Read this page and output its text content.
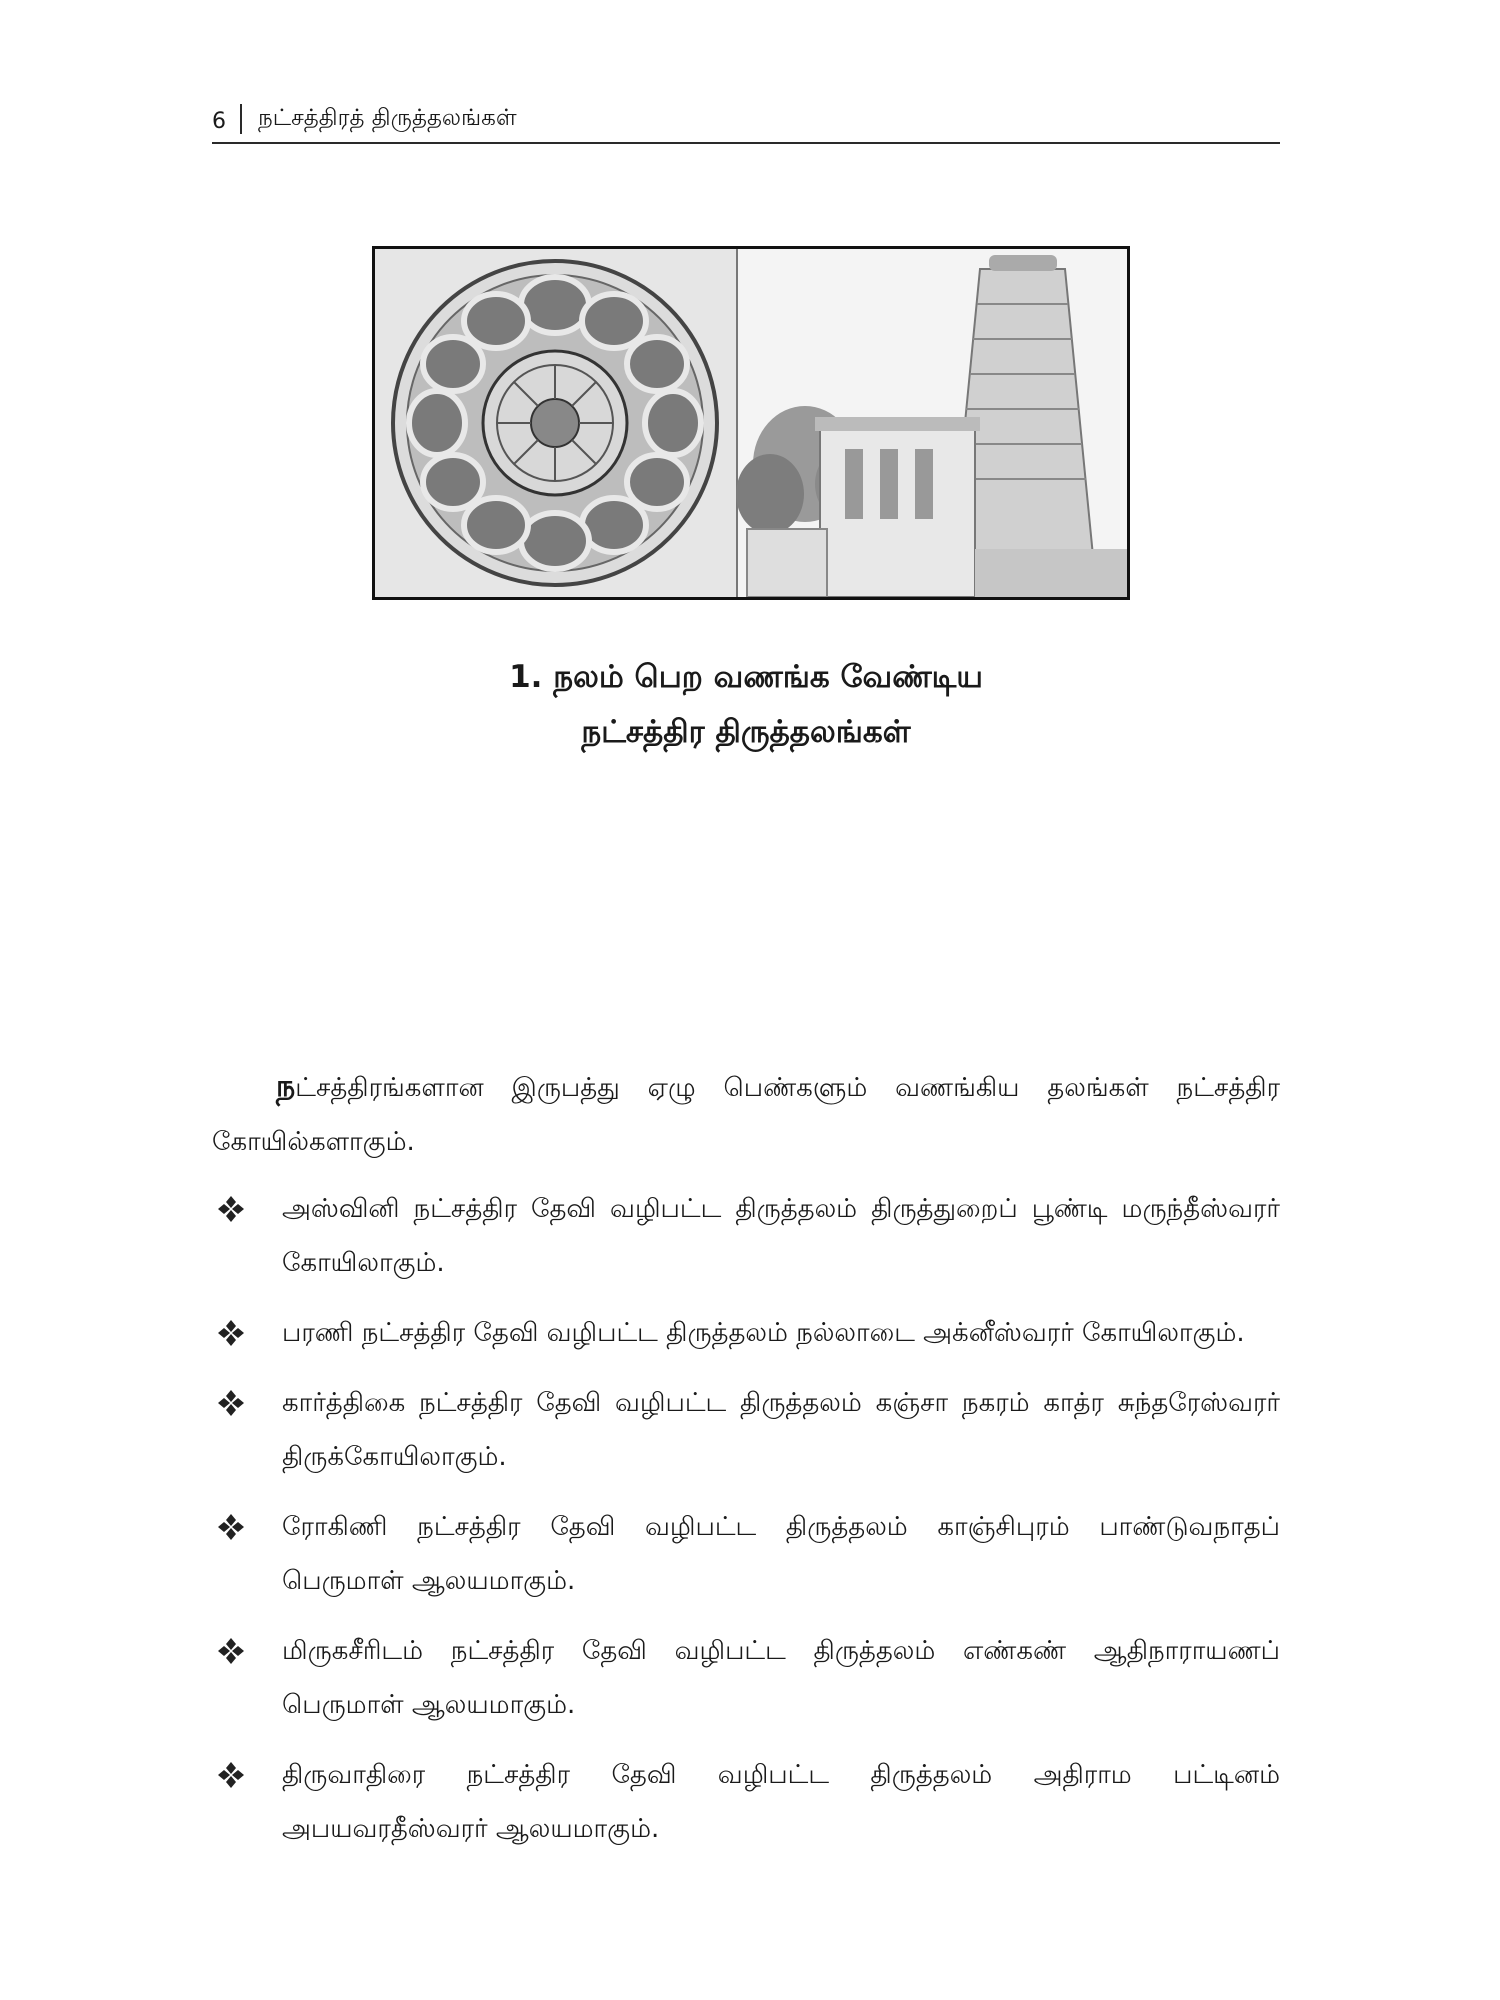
6	நட்சத்திரத் திருத்தலங்கள்
1. நலம் பெற வணங்க வேண்டிய
நட்சத்திர திருத்தலங்கள்

நட்சத்திரங்களான இருபத்து ஏழு பெண்களும் வணங்கிய தலங்கள் நட்சத்திர கோயில்களாகும்.

அஸ்வினி நட்சத்திர தேவி வழிபட்ட திருத்தலம் திருத்துறைப் பூண்டி மருந்தீஸ்வரர் கோயிலாகும்.
பரணி நட்சத்திர தேவி வழிபட்ட திருத்தலம் நல்லாடை அக்னீஸ்வரர் கோயிலாகும்.
கார்த்திகை நட்சத்திர தேவி வழிபட்ட திருத்தலம் கஞ்சா நகரம் காத்ர சுந்தரேஸ்வரர் திருக்கோயிலாகும்.
ரோகிணி நட்சத்திர தேவி வழிபட்ட திருத்தலம் காஞ்சிபுரம் பாண்டுவநாதப் பெருமாள் ஆலயமாகும்.
மிருகசீரிடம் நட்சத்திர தேவி வழிபட்ட திருத்தலம் எண்கண் ஆதிநாராயணப் பெருமாள் ஆலயமாகும்.
திருவாதிரை நட்சத்திர தேவி வழிபட்ட திருத்தலம் அதிராம பட்டினம் அபயவரதீஸ்வரர் ஆலயமாகும்.
